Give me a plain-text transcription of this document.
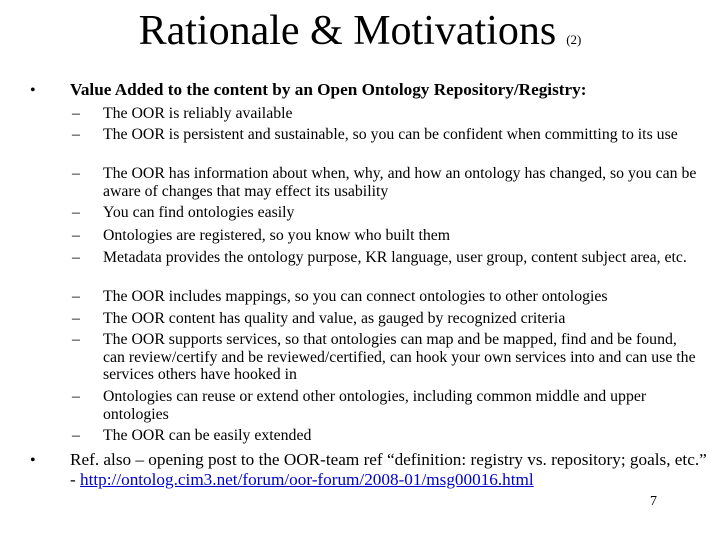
Rationale & Motivations (2)
• Value Added to the content by an Open Ontology Repository/Registry:
– The OOR is reliably available
– The OOR is persistent and sustainable, so you can be confident when committing to its use
– The OOR has information about when, why, and how an ontology has changed, so you can be aware of changes that may effect its usability
– You can find ontologies easily
– Ontologies are registered, so you know who built them
– Metadata provides the ontology purpose, KR language, user group, content subject area, etc.
– The OOR includes mappings, so you can connect ontologies to other ontologies
– The OOR content has quality and value, as gauged by recognized criteria
– The OOR supports services, so that ontologies can map and be mapped, find and be found, can review/certify and be reviewed/certified, can hook your own services into and can use the services others have hooked in
– Ontologies can reuse or extend other ontologies, including common middle and upper ontologies
– The OOR can be easily extended
• Ref. also – opening post to the OOR-team ref “definition: registry vs. repository; goals, etc.” - http://ontolog.cim3.net/forum/oor-forum/2008-01/msg00016.html
7
